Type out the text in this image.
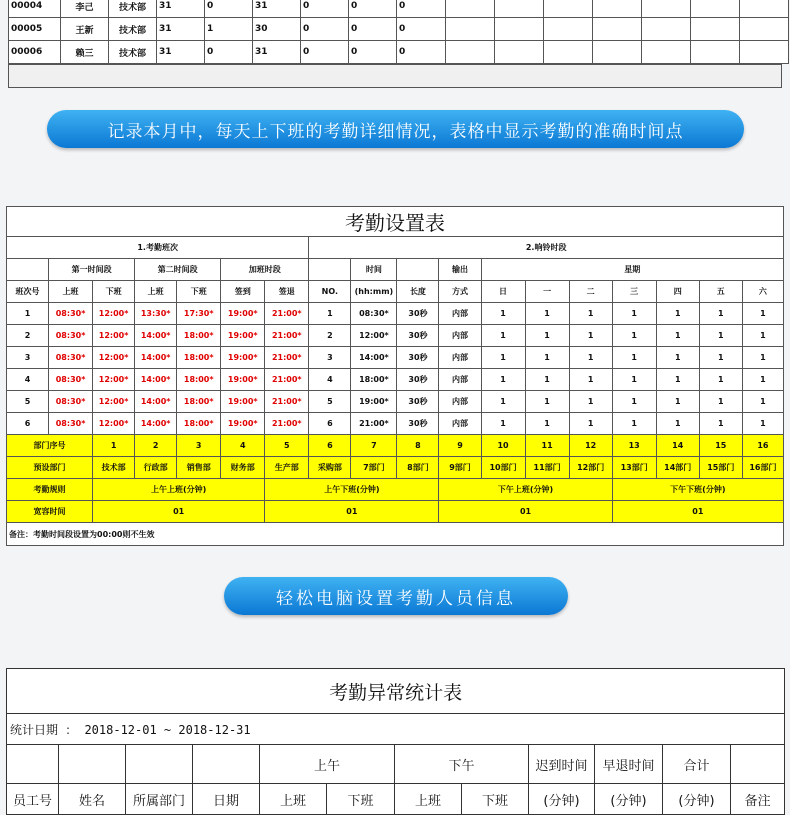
00004	李己	技术部	31	0	31	0	0	0							
00005	王新	技术部	31	1	30	0	0	0							
00006	赖三	技术部	31	0	31	0	0	0							
记录本月中，每天上下班的考勤详细情况，表格中显示考勤的准确时间点
考勤设置表																	
1.考勤班次							2.响铃时段										
	第一时间段		第二时间段		加班时段			时间		输出	星期						
班次号	上班	下班	上班	下班	签到	签退	NO.	(hh:mm)	长度	方式	日	一	二	三	四	五	六
1	08:30*	12:00*	13:30*	17:30*	19:00*	21:00*	1	08:30*	30秒	内部	1	1	1	1	1	1	1
2	08:30*	12:00*	14:00*	18:00*	19:00*	21:00*	2	12:00*	30秒	内部	1	1	1	1	1	1	1
3	08:30*	12:00*	14:00*	18:00*	19:00*	21:00*	3	14:00*	30秒	内部	1	1	1	1	1	1	1
4	08:30*	12:00*	14:00*	18:00*	19:00*	21:00*	4	18:00*	30秒	内部	1	1	1	1	1	1	1
5	08:30*	12:00*	14:00*	18:00*	19:00*	21:00*	5	19:00*	30秒	内部	1	1	1	1	1	1	1
6	08:30*	12:00*	14:00*	18:00*	19:00*	21:00*	6	21:00*	30秒	内部	1	1	1	1	1	1	1
部门序号		1	2	3	4	5	6	7	8	9	10	11	12	13	14	15	16
预设部门		技术部	行政部	销售部	财务部	生产部	采购部	7部门	8部门	9部门	10部门	11部门	12部门	13部门	14部门	15部门	16部门
考勤规则		上午上班(分钟)				上午下班(分钟)				下午上班(分钟)				下午下班(分钟)			
宽容时间		01				01				01				01			
备注：考勤时间段设置为00:00则不生效																	
轻松电脑设置考勤人员信息
考勤异常统计表											
统计日期 ： 2018-12-01 ~ 2018-12-31											
				上午		下午		迟到时间	早退时间	合计	
员工号	姓名	所属部门	日期	上班	下班	上班	下班	(分钟)	(分钟)	(分钟)	备注
